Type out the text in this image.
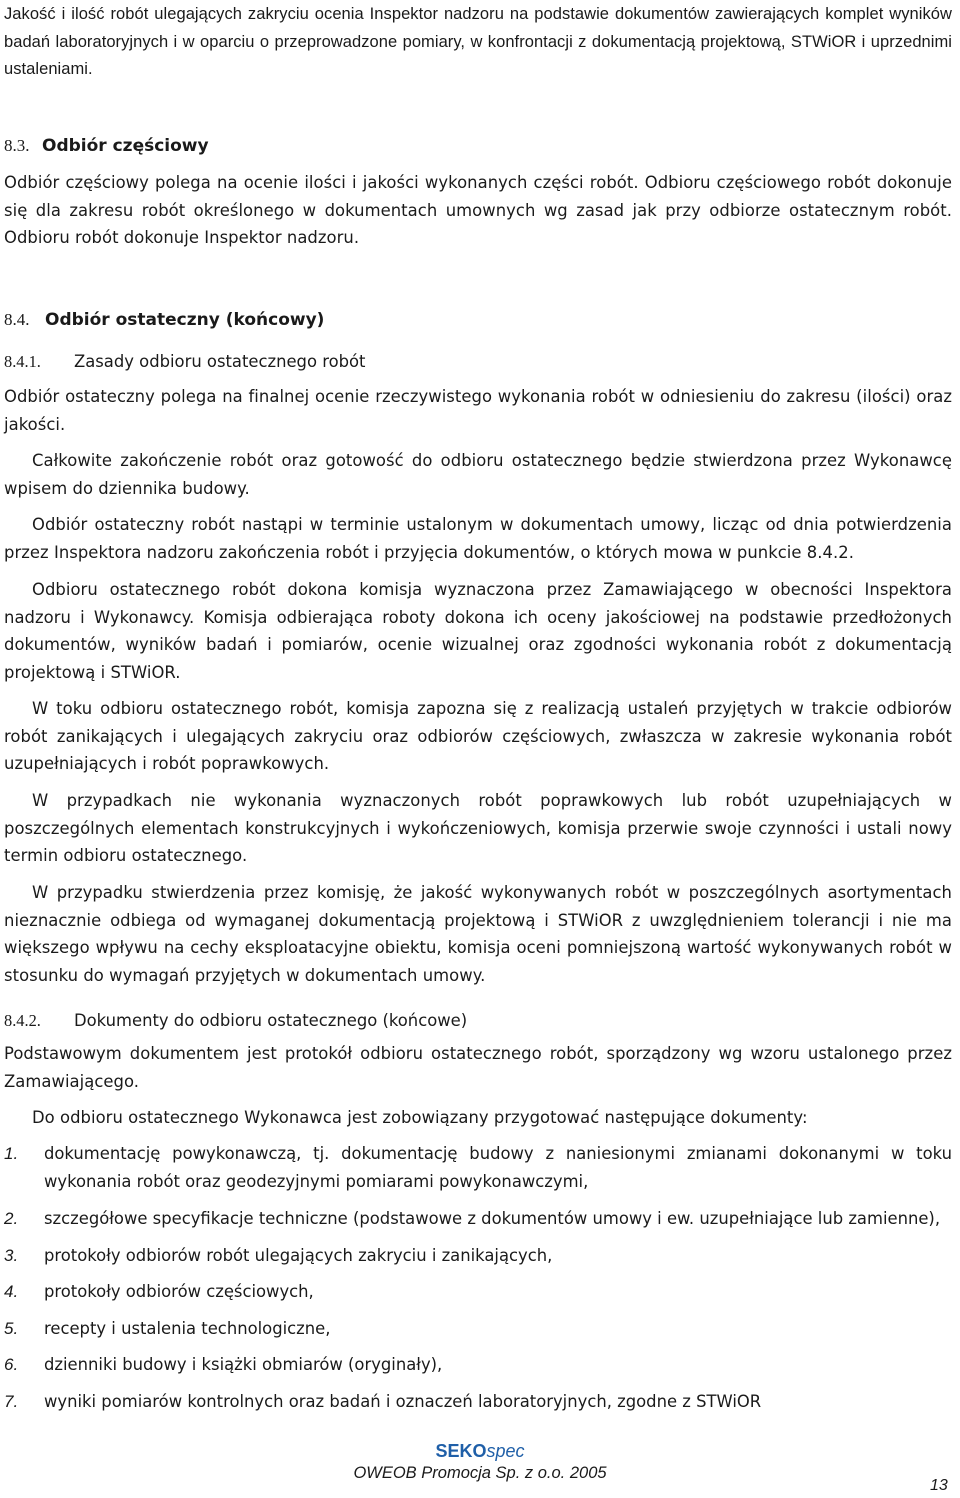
Jakość i ilość robót ulegających zakryciu ocenia Inspektor nadzoru na podstawie dokumentów zawierających komplet wyników badań laboratoryjnych i w oparciu o przeprowadzone pomiary, w konfrontacji z dokumentacją projektową, STWiOR i uprzednimi ustaleniami.

8.3. Odbiór częściowy

Odbiór częściowy polega na ocenie ilości i jakości wykonanych części robót. Odbioru częściowego robót dokonuje się dla zakresu robót określonego w dokumentach umownych wg zasad jak przy odbiorze ostatecznym robót. Odbioru robót dokonuje Inspektor nadzoru.

8.4. Odbiór ostateczny (końcowy)
8.4.1. Zasady odbioru ostatecznego robót

Odbiór ostateczny polega na finalnej ocenie rzeczywistego wykonania robót w odniesieniu do zakresu (ilości) oraz jakości.

Całkowite zakończenie robót oraz gotowość do odbioru ostatecznego będzie stwierdzona przez Wykonawcę wpisem do dziennika budowy.

Odbiór ostateczny robót nastąpi w terminie ustalonym w dokumentach umowy, licząc od dnia potwierdzenia przez Inspektora nadzoru zakończenia robót i przyjęcia dokumentów, o których mowa w punkcie 8.4.2.

Odbioru ostatecznego robót dokona komisja wyznaczona przez Zamawiającego w obecności Inspektora nadzoru i Wykonawcy. Komisja odbierająca roboty dokona ich oceny jakościowej na podstawie przedłożonych dokumentów, wyników badań i pomiarów, ocenie wizualnej oraz zgodności wykonania robót z dokumentacją projektową i STWiOR.

W toku odbioru ostatecznego robót, komisja zapozna się z realizacją ustaleń przyjętych w trakcie odbiorów robót zanikających i ulegających zakryciu oraz odbiorów częściowych, zwłaszcza w zakresie wykonania robót uzupełniających i robót poprawkowych.

W przypadkach nie wykonania wyznaczonych robót poprawkowych lub robót uzupełniających w poszczególnych elementach konstrukcyjnych i wykończeniowych, komisja przerwie swoje czynności i ustali nowy termin odbioru ostatecznego.

W przypadku stwierdzenia przez komisję, że jakość wykonywanych robót w poszczególnych asortymentach nieznacznie odbiega od wymaganej dokumentacją projektową i STWiOR z uwzględnieniem tolerancji i nie ma większego wpływu na cechy eksploatacyjne obiektu, komisja oceni pomniejszoną wartość wykonywanych robót w stosunku do wymagań przyjętych w dokumentach umowy.

8.4.2. Dokumenty do odbioru ostatecznego (końcowe)

Podstawowym dokumentem jest protokół odbioru ostatecznego robót, sporządzony wg wzoru ustalonego przez Zamawiającego.

Do odbioru ostatecznego Wykonawca jest zobowiązany przygotować następujące dokumenty:

1. dokumentację powykonawczą, tj. dokumentację budowy z naniesionymi zmianami dokonanymi w toku wykonania robót oraz geodezyjnymi pomiarami powykonawczymi,
2. szczegółowe specyfikacje techniczne (podstawowe z dokumentów umowy i ew. uzupełniające lub zamienne),
3. protokoły odbiorów robót ulegających zakryciu i zanikających,
4. protokoły odbiorów częściowych,
5. recepty i ustalenia technologiczne,
6. dzienniki budowy i książki obmiarów (oryginały),
7. wyniki pomiarów kontrolnych oraz badań i oznaczeń laboratoryjnych, zgodne z STWiOR
SEKOspec
OWEOB Promocja Sp. z o.o. 2005
13
